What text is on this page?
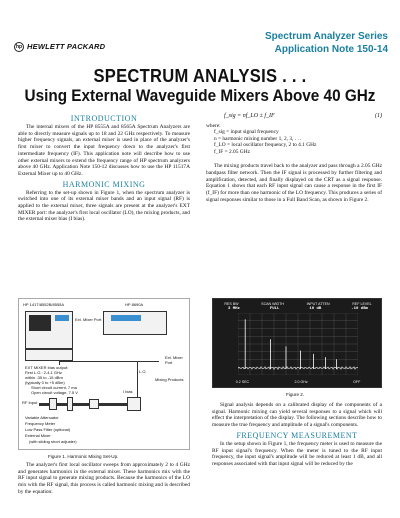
hp HEWLETT PACKARD
Spectrum Analyzer Series
Application Note 150-14
SPECTRUM ANALYSIS . . .
Using External Waveguide Mixers Above 40 GHz
INTRODUCTION

The internal mixers of the HP 8555A and 8565A Spectrum Analyzers are able to directly measure signals up to 18 and 22 GHz respectively. To measure higher frequency signals, an external mixer is used in place of the analyzer's first mixer to convert the input frequency down to the analyzer's first intermediate frequency (IF). This application note will describe how to use other external mixers to extend the frequency range of HP spectrum analyzers above 40 GHz. Application Note 150-12 discusses how to use the HP 11517A External Mixer up to 40 GHz.

HARMONIC MIXING

Referring to the set-up shown in Figure 1, when the spectrum analyzer is switched into one of its external mixer bands and an input signal (RF) is applied to the external mixer, three signals are present at the analyzer's EXT MIXER port: the analyzer's first local oscillator (LO), the mixing products, and the external mixer bias (I bias).

f_sig = nf_LO ± f_IF	(1)

where:

f_sig = input signal frequency
n = harmonic mixing number 1, 2, 3, . . .
f_LO = local oscillator frequency, 2 to 4.1 GHz
f_IF = 2.05 GHz

The mixing products travel back to the analyzer and pass through a 2.05 GHz bandpass filter network. Then the IF signal is processed by further filtering and amplification, detected, and finally displayed on the CRT as a signal response. Equation 1 shows that each RF input signal can cause a response in the first IF (f_IF) for more than one harmonic of the LO frequency. This produces a series of signal responses similar to those in a Full Band Scan, as shown in Figure 2.

HP 141T/8552B/8555A	HP 8690A
Ext. Mixer Port
Ext. Mixer Port
L.O.
Mixing Products
I bias
EXT MIXER bias output:
First L.O.: 2-4.1 GHz
within -35 to -15 dBm
(typically 0 to +5 dBm)
Short circuit current, 7 ma
Open circuit voltage, 7.5 V
RF Input
Variable Attenuator
Frequency Meter
Low Pass Filter (optional)
External Mixer
(with sliding short adjuster)
Figure 1. Harmonic Mixing Set-Up.
RES BW	SCAN WIDTH	INPUT ATTEN	REF LEVEL
3 MHz	FULL	10 dB	-10 dBm
0.2 SEC	2.0 GHz	OFF
Figure 2.

Signal analysis depends on a calibrated display of the components of a signal. Harmonic mixing can yield several responses to a signal which will effect the interpretation of the display. The following sections describe how to measure the true frequency and amplitude of a signal's components.

FREQUENCY MEASUREMENT

In the setup shown in Figure 1, the frequency meter is used to measure the RF input signal's frequency. When the meter is tuned to the RF input frequency, the input signal's amplitude will be reduced at least 1 dB, and all responses associated with that input signal will be reduced by the

The analyzer's first local oscillator sweeps from approximately 2 to 4 GHz and generates harmonics in the external mixer. These harmonics mix with the RF input signal to generate mixing products. Because the harmonics of the LO mix with the RF signal, this process is called harmonic mixing and is described by the equation:
